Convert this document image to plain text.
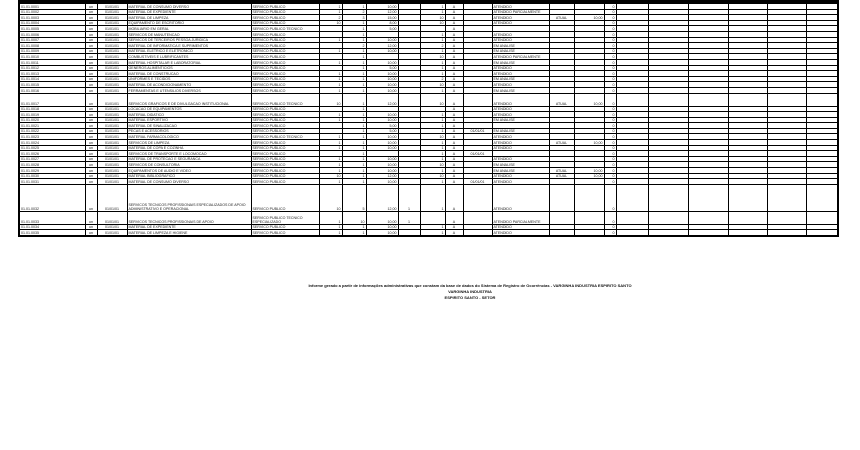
01.01.0001	un	01/01/01	MATERIAL DE CONSUMO DIVERSO	SERVICO PUBLICO	1	1	10,00		1	A		ATENDIDO			0						
01.01.0002	un	01/01/01	MATERIAL DE EXPEDIENTE	SERVICO PUBLICO	1	2	12,00		1	A		ATENDIDO PARCIALMENTE			0						
01.01.0003	un	01/01/01	MATERIAL DE LIMPEZA	SERVICO PUBLICO	2	3	15,00		10	A		ATENDIDO	ATUAL	10,00	0						
01.01.0004	un	01/01/01	EQUIPAMENTO DE ESCRITORIO	SERVICO PUBLICO	10	1	8,00		10	A		ATENDIDO			0						
01.01.0005	un	01/01/01	MOBILIARIO EM GERAL	SERVICO PUBLICO TECNICO		1	5,00			A					0						
01.01.0006	un	01/01/01	SERVICOS DE MANUTENCAO	SERVICO PUBLICO		1			1	A		ATENDIDO			0						
01.01.0007	un	01/01/01	SERVICOS DE TERCEIROS PESSOA JURIDICA	SERVICO PUBLICO	1	1	10,00		1	A		ATENDIDO			0						
01.01.0008	un	01/01/01	MATERIAL DE INFORMATICA E SUPRIMENTOS	SERVICO PUBLICO		2	12,00		2	A		EM ANALISE			0						
01.01.0009	un	01/01/01	MATERIAL ELETRICO E ELETRONICO	SERVICO PUBLICO	1	1	10,00		1	A		EM ANALISE			0						
01.01.0010	un	01/01/01	COMBUSTIVEIS E LUBRIFICANTES	SERVICO PUBLICO		1			10	A		ATENDIDO PARCIALMENTE			0						
01.01.0011	un	01/01/01	MATERIAL HOSPITALAR E LABORATORIAL	SERVICO PUBLICO	1	1	10,00		1	A		EM ANALISE			0						
01.01.0012	un	01/01/01	GENEROS ALIMENTICIOS	SERVICO PUBLICO		1	5,00		1	A		ATENDIDO			0						
01.01.0013	un	01/01/01	MATERIAL DE CONSTRUCAO	SERVICO PUBLICO	1	1	10,00		1	A		ATENDIDO			0						
01.01.0014	un	01/01/01	UNIFORMES E TECIDOS	SERVICO PUBLICO	1	1	10,00		2	A		EM ANALISE			0						
01.01.0015	un	01/01/01	MATERIAL DE ACONDICIONAMENTO	SERVICO PUBLICO	1	1	10,00		10	A		ATENDIDO			0						
01.01.0016	un	01/01/01	FERRAMENTAS E UTENSILIOS DIVERSOS	SERVICO PUBLICO	1	1	10,00		1	A		EM ANALISE			0						
01.01.0017	un	01/01/01	SERVICOS GRAFICOS E DE DIVULGACAO INSTITUCIONAL	SERVICO PUBLICO TECNICO	10	1	12,00		10	A		ATENDIDO	ATUAL	10,00	0						
01.01.0018	un	01/01/01	LOCACAO DE EQUIPAMENTOS	SERVICO PUBLICO		1				A		ATENDIDO			0						
01.01.0019	un	01/01/01	MATERIAL DIDATICO	SERVICO PUBLICO	1	1	10,00		1	A		ATENDIDO			0						
01.01.0020	un	01/01/01	MATERIAL ESPORTIVO	SERVICO PUBLICO	1	1	10,00		1	A		EM ANALISE			0						
01.01.0021	un	01/01/01	MATERIAL DE SINALIZACAO	SERVICO PUBLICO		1	5,00		1	A					0						
01.01.0022	un	01/01/01	PECAS E ACESSORIOS	SERVICO PUBLICO		1	5,00		1	A	01/01/01	EM ANALISE			0						
01.01.0023	un	01/01/01	MATERIAL FARMACOLOGICO	SERVICO PUBLICO TECNICO	1	1	10,00		10	A		ATENDIDO			0						
01.01.0024	un	01/01/01	SERVICOS DE LIMPEZA	SERVICO PUBLICO	1	1	10,00		1	A		ATENDIDO	ATUAL	10,00	0						
01.01.0025	un	01/01/01	MATERIAL DE COPA E COZINHA	SERVICO PUBLICO	1	1	10,00		1	A		ATENDIDO			0						
01.01.0026	un	01/01/01	SERVICOS DE TRANSPORTE E LOCOMOCAO	SERVICO PUBLICO		1			1	A	01/01/01				0						
01.01.0027	un	01/01/01	MATERIAL DE PROTECAO E SEGURANCA	SERVICO PUBLICO	1	1	10,00		1	A		ATENDIDO			0						
01.01.0028	un	01/01/01	SERVICOS DE CONSULTORIA	SERVICO PUBLICO	1	1	10,00		10	A		EM ANALISE			0						
01.01.0029	un	01/01/01	EQUIPAMENTOS DE AUDIO E VIDEO	SERVICO PUBLICO	1	1	10,00		1	A		EM ANALISE	ATUAL	10,00	0						
01.01.0030	un	01/01/01	MATERIAL BIBLIOGRAFICO	SERVICO PUBLICO	10	1	12,00		10	A		ATENDIDO	ATUAL	10,00	0						
01.01.0031	un	01/01/01	MATERIAL DE CONSUMO DIVERSO	SERVICO PUBLICO	1	1	10,00		1	A	01/01/01	ATENDIDO			0						
01.01.0032	un	01/01/01	SERVICOS TECNICOS PROFISSIONAIS ESPECIALIZADOS DE APOIO ADMINISTRATIVO E OPERACIONAL	SERVICO PUBLICO	10	5	12,00	1	1	A		ATENDIDO			0						
01.01.0033	un	01/01/01	SERVICOS TECNICOS PROFISSIONAIS DE APOIO	SERVICO PUBLICO TECNICO ESPECIALIZADO	1	10	10,00	1		A		ATENDIDO PARCIALMENTE			0						
01.01.0034	un	01/01/01	MATERIAL DE EXPEDIENTE	SERVICO PUBLICO	1	1	10,00		1	A		ATENDIDO			0						
01.01.0035	un	01/01/01	MATERIAL DE LIMPEZA E HIGIENE	SERVICO PUBLICO	1	1	10,00		1	A		ATENDIDO			0						
Informe gerado a partir de informações administrativas que constam da base de dados do Sistema de Registro de Ocorrências - VARGINHA INDUSTRIA ESPIRITO SANTO
VARGINHA INDUSTRIA
ESPIRITO SANTO - SETOR
